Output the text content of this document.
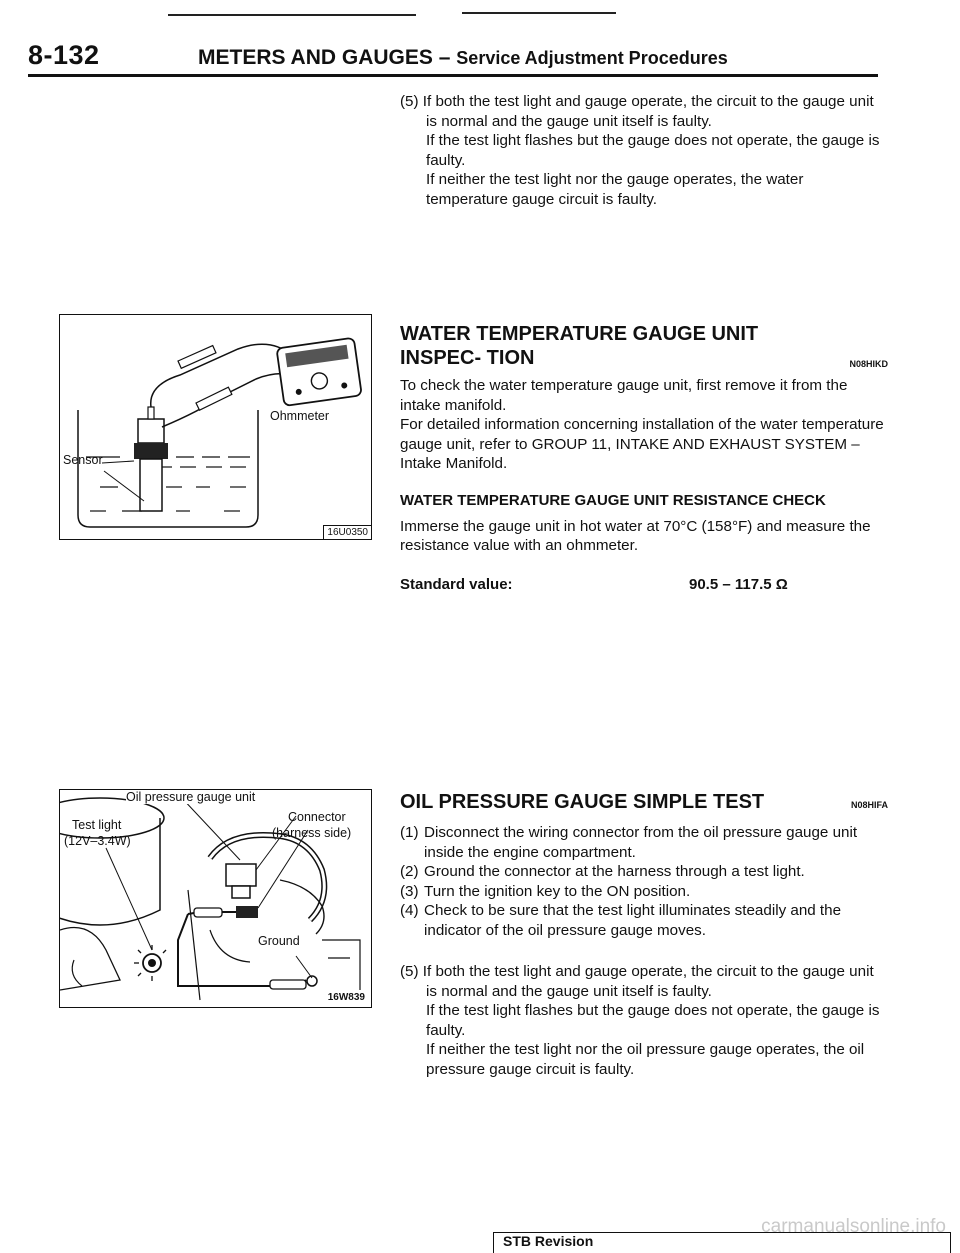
8-132	METERS AND GAUGES – Service Adjustment Procedures

(5) If both the test light and gauge operate, the circuit to the gauge unit is normal and the gauge unit itself is faulty.

If the test light flashes but the gauge does not operate, the gauge is faulty.

If neither the test light nor the gauge operates, the water temperature gauge circuit is faulty.

Ohmmeter
Sensor
16U0350
WATER TEMPERATURE GAUGE UNIT INSPEC- TION	N08HIKD

To check the water temperature gauge unit, first remove it from the intake manifold.

For detailed information concerning installation of the water temperature gauge unit, refer to GROUP 11, INTAKE AND EXHAUST SYSTEM – Intake Manifold.

WATER TEMPERATURE GAUGE UNIT RESISTANCE CHECK
Immerse the gauge unit in hot water at 70°C (158°F) and measure the resistance value with an ohmmeter.
Standard value:	90.5 – 117.5 Ω
Oil pressure gauge unit
Test light
(12V–3.4W)
Connector
(harness side)
Ground
16W839
OIL PRESSURE GAUGE SIMPLE TEST	N08HIFA
(1) Disconnect the wiring connector from the oil pressure gauge unit inside the engine compartment.
(2) Ground the connector at the harness through a test light.
(3) Turn the ignition key to the ON position.
(4) Check to be sure that the test light illuminates steadily and the indicator of the oil pressure gauge moves.

(5) If both the test light and gauge operate, the circuit to the gauge unit is normal and the gauge unit itself is faulty.

If the test light flashes but the gauge does not operate, the gauge is faulty.

If neither the test light nor the oil pressure gauge operates, the oil pressure gauge circuit is faulty.

STB Revision
carmanualsonline.info
